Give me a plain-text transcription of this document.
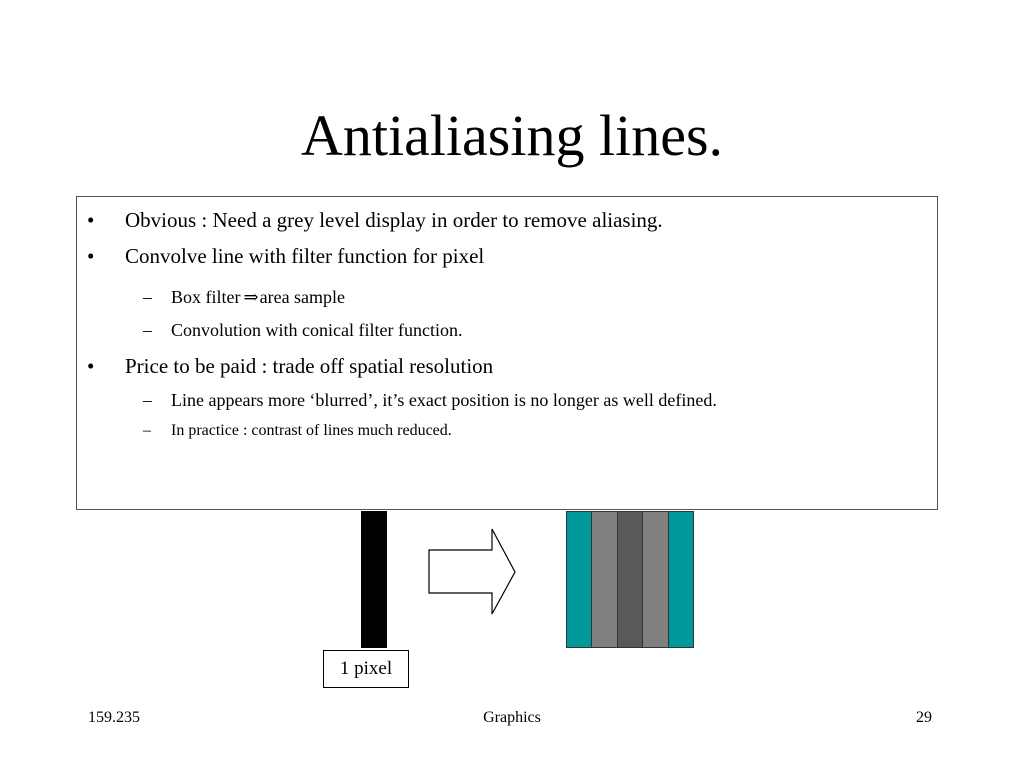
Antialiasing lines.
• Obvious : Need a grey level display in order to remove aliasing.
• Convolve line with filter function for pixel
– Box filter ⇒area sample
– Convolution with conical filter function.
• Price to be paid : trade off spatial resolution
– Line appears more ‘blurred’, it’s exact position is no longer as well defined.
– In practice : contrast of lines much reduced.
1 pixel
159.235	Graphics	29
